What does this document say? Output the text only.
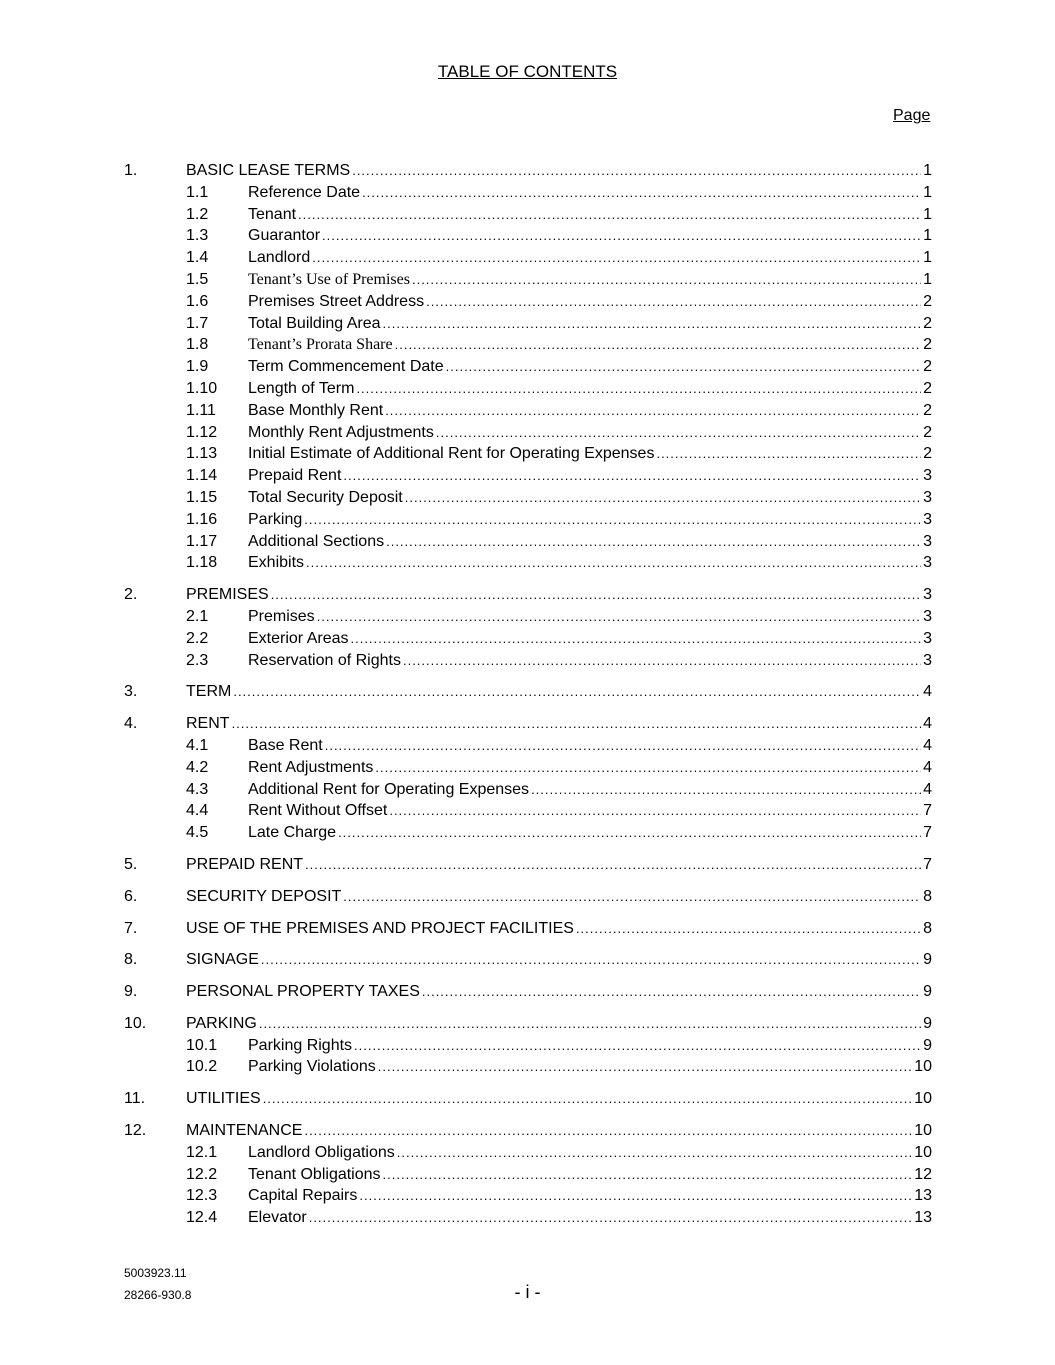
TABLE OF CONTENTS
Page
1.	BASIC LEASE TERMS .....	1
1.1 Reference Date .....	1
1.2 Tenant .....	1
1.3 Guarantor .....	1
1.4 Landlord .....	1
1.5 Tenant’s Use of Premises .....	1
1.6 Premises Street Address .....	2
1.7 Total Building Area .....	2
1.8 Tenant’s Prorata Share .....	2
1.9 Term Commencement Date .....	2
1.10 Length of Term .....	2
1.11 Base Monthly Rent .....	2
1.12 Monthly Rent Adjustments .....	2
1.13 Initial Estimate of Additional Rent for Operating Expenses .....	2
1.14 Prepaid Rent .....	3
1.15 Total Security Deposit .....	3
1.16 Parking .....	3
1.17 Additional Sections .....	3
1.18 Exhibits .....	3
2.	PREMISES .....	3
2.1 Premises .....	3
2.2 Exterior Areas .....	3
2.3 Reservation of Rights .....	3
3.	TERM .....	4
4.	RENT .....	4
4.1 Base Rent .....	4
4.2 Rent Adjustments .....	4
4.3 Additional Rent for Operating Expenses .....	4
4.4 Rent Without Offset .....	7
4.5 Late Charge .....	7
5.	PREPAID RENT .....	7
6.	SECURITY DEPOSIT .....	8
7.	USE OF THE PREMISES AND PROJECT FACILITIES .....	8
8.	SIGNAGE .....	9
9.	PERSONAL PROPERTY TAXES .....	9
10. PARKING .....	9
10.1 Parking Rights .....	9
10.2 Parking Violations .....	10
11.	UTILITIES .....	10
12. MAINTENANCE .....	10
12.1 Landlord Obligations .....	10
12.2 Tenant Obligations .....	12
12.3 Capital Repairs .....	13
12.4 Elevator .....	13
5003923.11
28266-930.8	- i -
